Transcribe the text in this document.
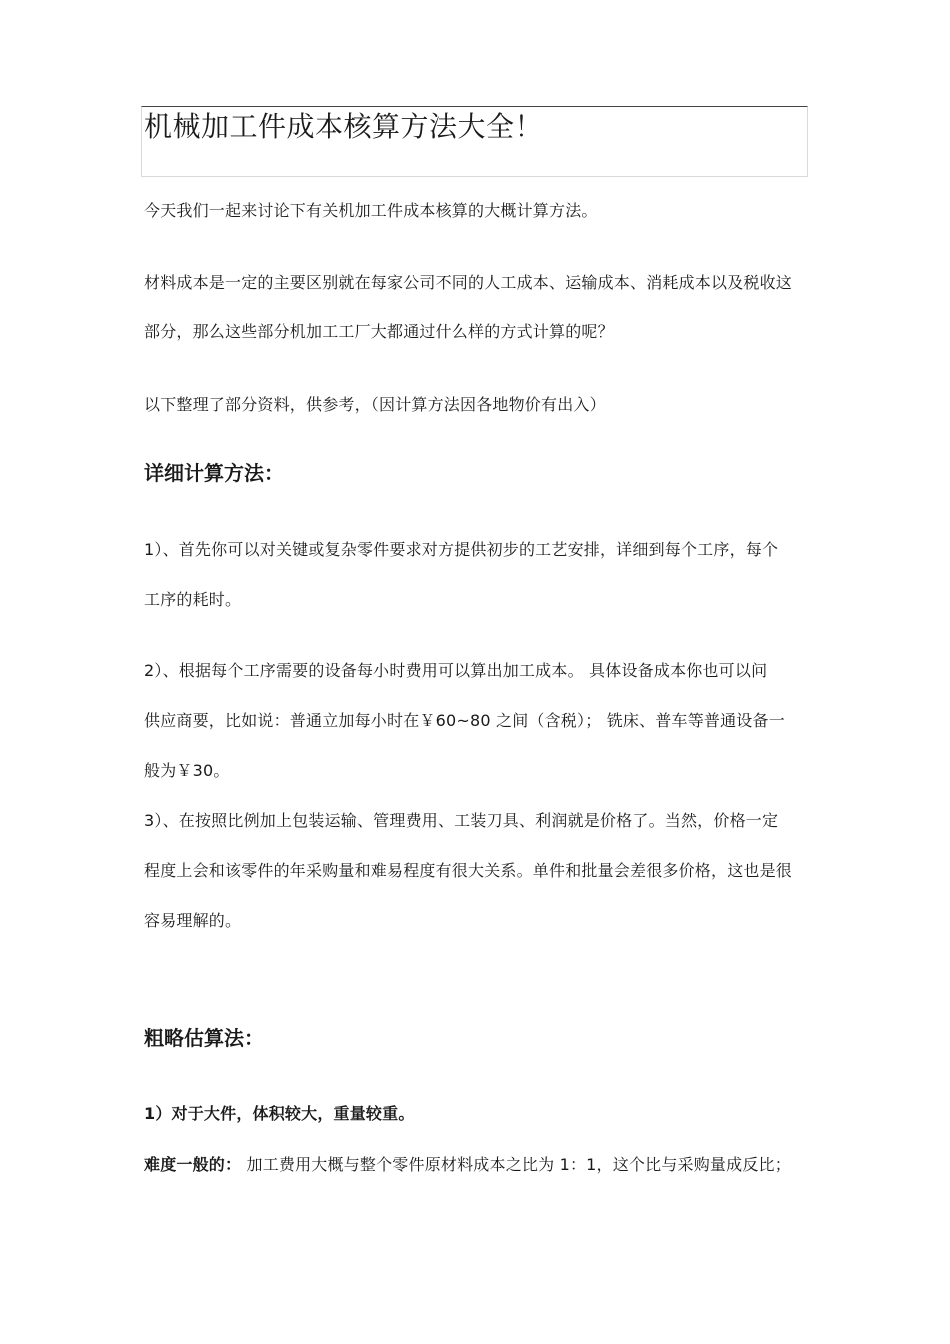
机械加工件成本核算方法大全！

今天我们一起来讨论下有关机加工件成本核算的大概计算方法。

材料成本是一定的主要区别就在每家公司不同的人工成本、运输成本、消耗成本以及税收这

部分，那么这些部分机加工工厂大都通过什么样的方式计算的呢？

以下整理了部分资料，供参考，（因计算方法因各地物价有出入）

详细计算方法：

1）、首先你可以对关键或复杂零件要求对方提供初步的工艺安排，详细到每个工序，每个

工序的耗时。

2）、根据每个工序需要的设备每小时费用可以算出加工成本。 具体设备成本你也可以问

供应商要，比如说：普通立加每小时在￥60~80 之间（含税）； 铣床、普车等普通设备一

般为￥30。

3）、在按照比例加上包装运输、管理费用、工装刀具、利润就是价格了。当然，价格一定

程度上会和该零件的年采购量和难易程度有很大关系。单件和批量会差很多价格，这也是很

容易理解的。

粗略估算法：

1）对于大件，体积较大，重量较重。

难度一般的： 加工费用大概与整个零件原材料成本之比为 1：1，这个比与采购量成反比；
